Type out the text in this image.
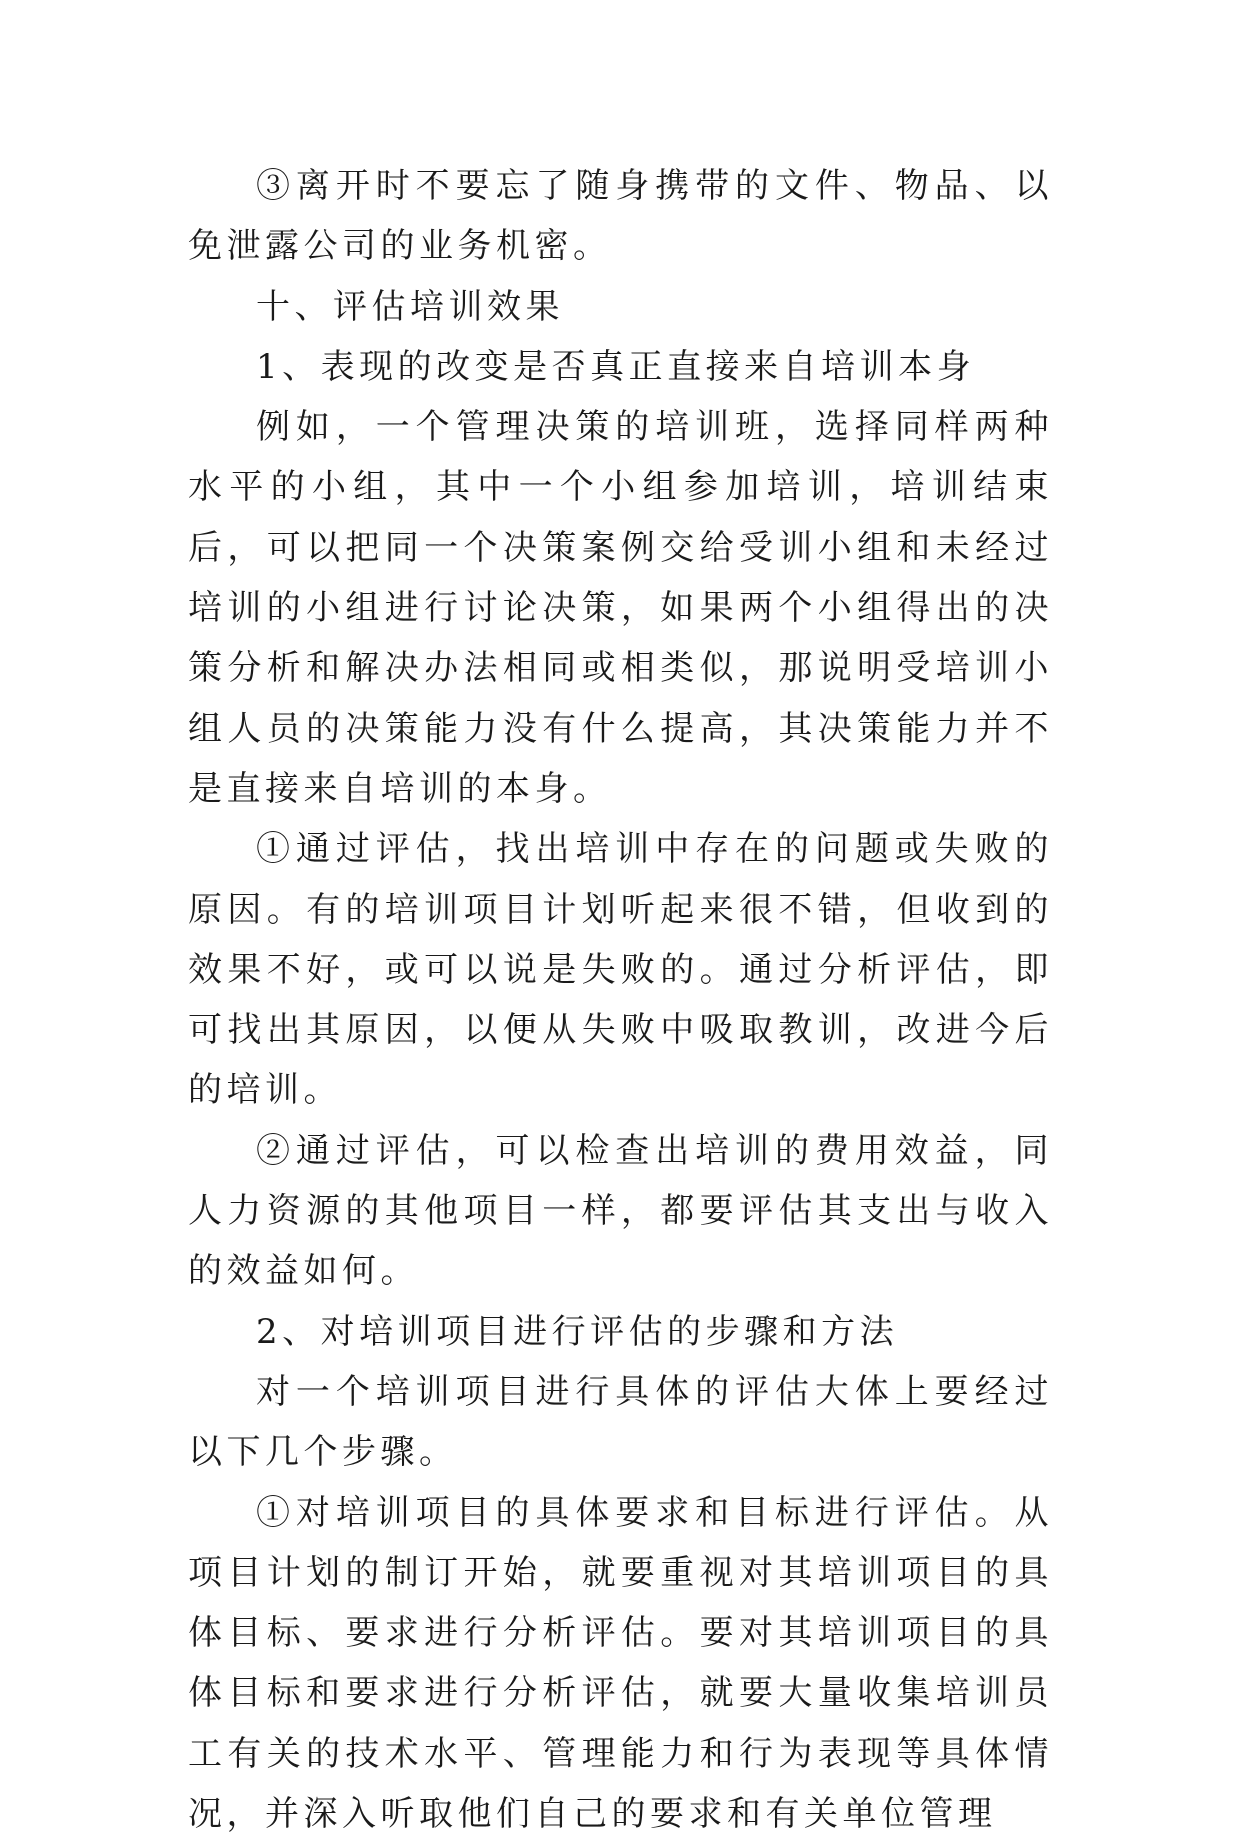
③离开时不要忘了随身携带的文件、物品、以免泄露公司的业务机密。

十、评估培训效果

1、表现的改变是否真正直接来自培训本身

例如，一个管理决策的培训班，选择同样两种水平的小组，其中一个小组参加培训，培训结束后，可以把同一个决策案例交给受训小组和未经过培训的小组进行讨论决策，如果两个小组得出的决策分析和解决办法相同或相类似，那说明受培训小组人员的决策能力没有什么提高，其决策能力并不是直接来自培训的本身。

①通过评估，找出培训中存在的问题或失败的原因。有的培训项目计划听起来很不错，但收到的效果不好，或可以说是失败的。通过分析评估，即可找出其原因，以便从失败中吸取教训，改进今后的培训。

②通过评估，可以检查出培训的费用效益，同人力资源的其他项目一样，都要评估其支出与收入的效益如何。

2、对培训项目进行评估的步骤和方法

对一个培训项目进行具体的评估大体上要经过以下几个步骤。

①对培训项目的具体要求和目标进行评估。从项目计划的制订开始，就要重视对其培训项目的具体目标、要求进行分析评估。要对其培训项目的具体目标和要求进行分析评估，就要大量收集培训员工有关的技术水平、管理能力和行为表现等具体情况，并深入听取他们自己的要求和有关单位管理
